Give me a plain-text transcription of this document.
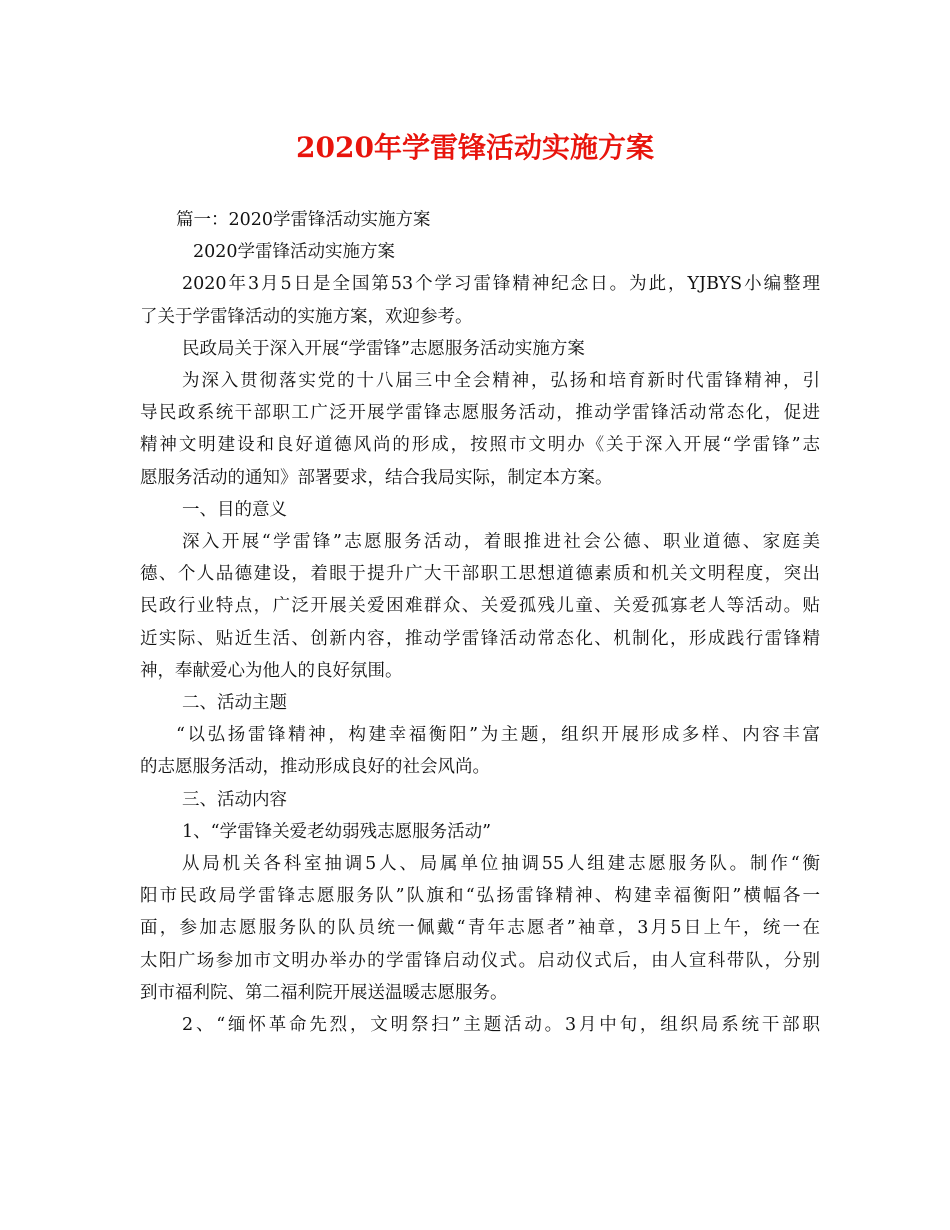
2020年学雷锋活动实施方案

篇一：2020学雷锋活动实施方案

2020学雷锋活动实施方案

2020年3月5日是全国第53个学习雷锋精神纪念日。为此，YJBYS小编整理

了关于学雷锋活动的实施方案，欢迎参考。

民政局关于深入开展“学雷锋”志愿服务活动实施方案

为深入贯彻落实党的十八届三中全会精神，弘扬和培育新时代雷锋精神，引

导民政系统干部职工广泛开展学雷锋志愿服务活动，推动学雷锋活动常态化，促进

精神文明建设和良好道德风尚的形成，按照市文明办《关于深入开展“学雷锋”志

愿服务活动的通知》部署要求，结合我局实际，制定本方案。

一、目的意义

深入开展“学雷锋”志愿服务活动，着眼推进社会公德、职业道德、家庭美

德、个人品德建设，着眼于提升广大干部职工思想道德素质和机关文明程度，突出

民政行业特点，广泛开展关爱困难群众、关爱孤残儿童、关爱孤寡老人等活动。贴

近实际、贴近生活、创新内容，推动学雷锋活动常态化、机制化，形成践行雷锋精

神，奉献爱心为他人的良好氛围。

二、活动主题

“以弘扬雷锋精神，构建幸福衡阳”为主题，组织开展形成多样、内容丰富

的志愿服务活动，推动形成良好的社会风尚。

三、活动内容

1、“学雷锋关爱老幼弱残志愿服务活动”

从局机关各科室抽调5人、局属单位抽调55人组建志愿服务队。制作“衡

阳市民政局学雷锋志愿服务队”队旗和“弘扬雷锋精神、构建幸福衡阳”横幅各一

面，参加志愿服务队的队员统一佩戴“青年志愿者”袖章，3月5日上午，统一在

太阳广场参加市文明办举办的学雷锋启动仪式。启动仪式后，由人宣科带队，分别

到市福利院、第二福利院开展送温暖志愿服务。

2、“缅怀革命先烈，文明祭扫”主题活动。3月中旬，组织局系统干部职
